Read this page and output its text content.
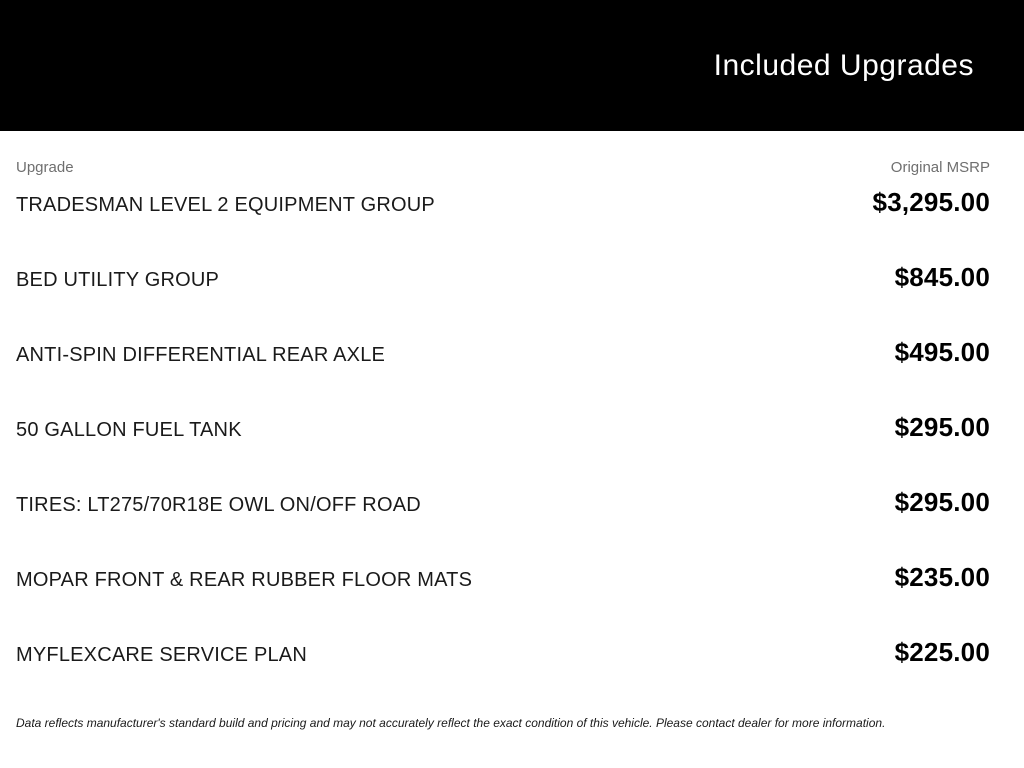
Included Upgrades
Upgrade	Original MSRP
TRADESMAN LEVEL 2 EQUIPMENT GROUP	$3,295.00
BED UTILITY GROUP	$845.00
ANTI-SPIN DIFFERENTIAL REAR AXLE	$495.00
50 GALLON FUEL TANK	$295.00
TIRES: LT275/70R18E OWL ON/OFF ROAD	$295.00
MOPAR FRONT & REAR RUBBER FLOOR MATS	$235.00
MYFLEXCARE SERVICE PLAN	$225.00
Data reflects manufacturer's standard build and pricing and may not accurately reflect the exact condition of this vehicle. Please contact dealer for more information.
